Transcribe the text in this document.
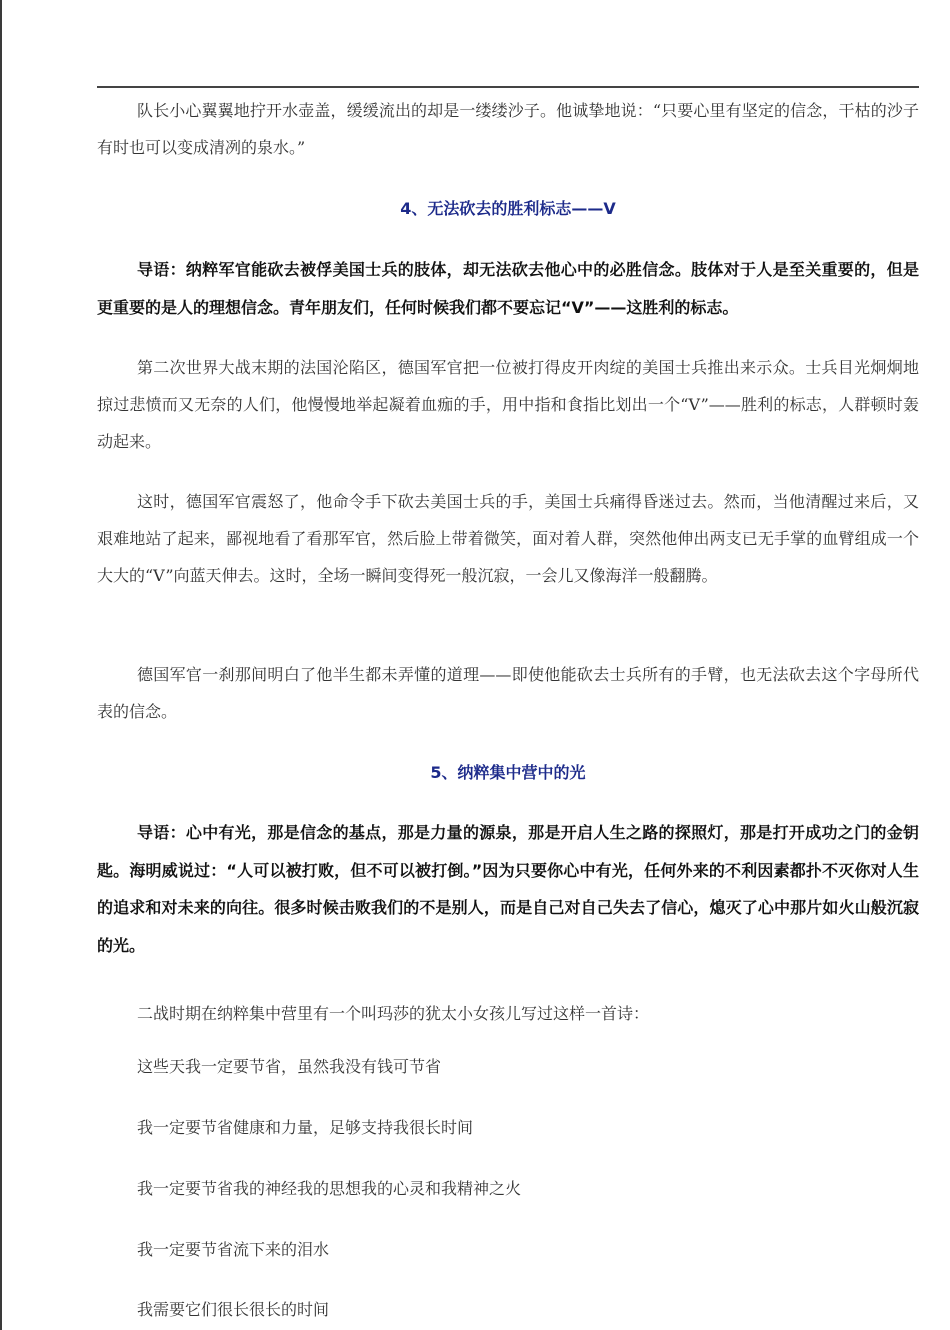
队长小心翼翼地拧开水壶盖，缓缓流出的却是一缕缕沙子。他诚挚地说：“只要心里有坚定的信念，干枯的沙子有时也可以变成清冽的泉水。”

4、无法砍去的胜利标志——V

导语：纳粹军官能砍去被俘美国士兵的肢体，却无法砍去他心中的必胜信念。肢体对于人是至关重要的，但是更重要的是人的理想信念。青年朋友们，任何时候我们都不要忘记“V”——这胜利的标志。

第二次世界大战末期的法国沦陷区，德国军官把一位被打得皮开肉绽的美国士兵推出来示众。士兵目光炯炯地掠过悲愤而又无奈的人们，他慢慢地举起凝着血痂的手，用中指和食指比划出一个“V”——胜利的标志，人群顿时轰动起来。

这时，德国军官震怒了，他命令手下砍去美国士兵的手，美国士兵痛得昏迷过去。然而，当他清醒过来后，又艰难地站了起来，鄙视地看了看那军官，然后脸上带着微笑，面对着人群，突然他伸出两支已无手掌的血臂组成一个大大的“V”向蓝天伸去。这时，全场一瞬间变得死一般沉寂，一会儿又像海洋一般翻腾。

德国军官一刹那间明白了他半生都未弄懂的道理——即使他能砍去士兵所有的手臂，也无法砍去这个字母所代表的信念。

5、纳粹集中营中的光

导语：心中有光，那是信念的基点，那是力量的源泉，那是开启人生之路的探照灯，那是打开成功之门的金钥匙。海明威说过：“人可以被打败，但不可以被打倒。”因为只要你心中有光，任何外来的不利因素都扑不灭你对人生的追求和对未来的向往。很多时候击败我们的不是别人，而是自己对自己失去了信心，熄灭了心中那片如火山般沉寂的光。

二战时期在纳粹集中营里有一个叫玛莎的犹太小女孩儿写过这样一首诗：

这些天我一定要节省，虽然我没有钱可节省

我一定要节省健康和力量，足够支持我很长时间

我一定要节省我的神经我的思想我的心灵和我精神之火

我一定要节省流下来的泪水

我需要它们很长很长的时间
